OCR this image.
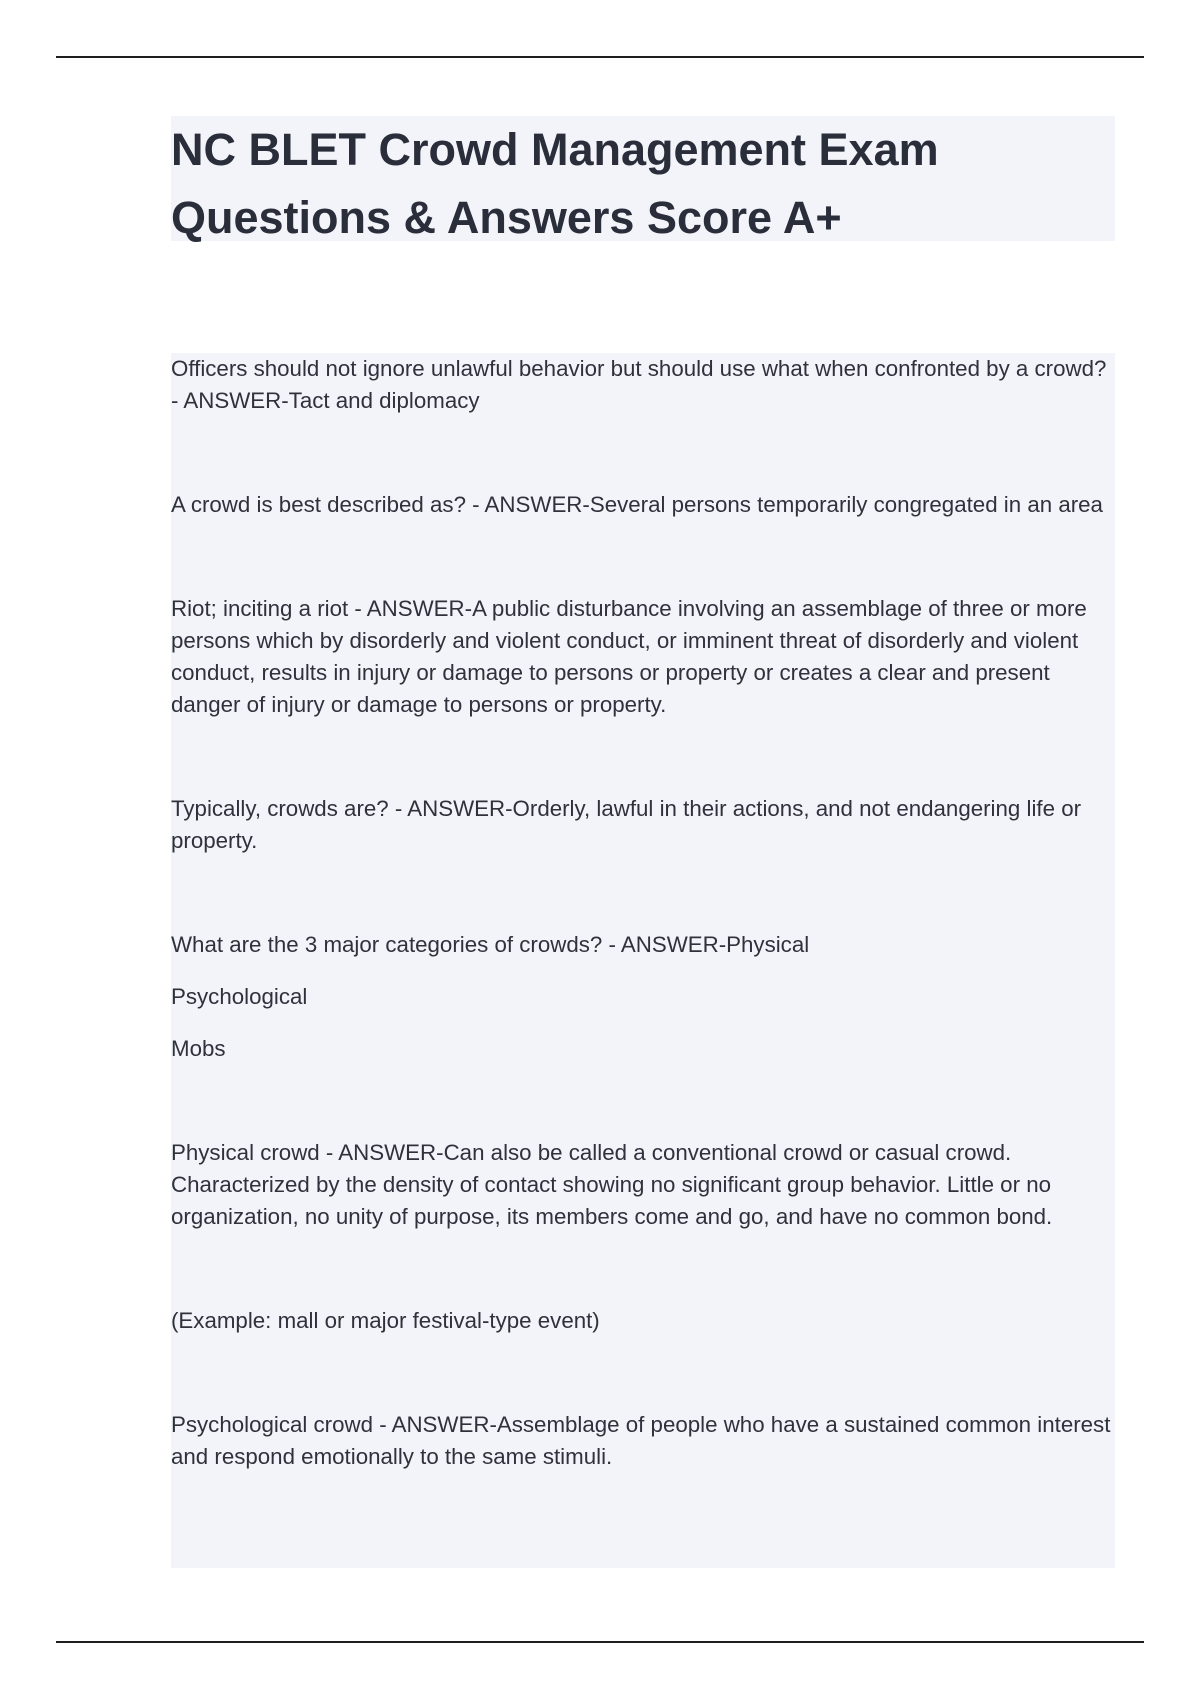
NC BLET Crowd Management Exam
Questions & Answers Score A+

Officers should not ignore unlawful behavior but should use what when confronted by a crowd? - ANSWER-Tact and diplomacy

A crowd is best described as? - ANSWER-Several persons temporarily congregated in an area

Riot; inciting a riot - ANSWER-A public disturbance involving an assemblage of three or more persons which by disorderly and violent conduct, or imminent threat of disorderly and violent conduct, results in injury or damage to persons or property or creates a clear and present danger of injury or damage to persons or property.

Typically, crowds are? - ANSWER-Orderly, lawful in their actions, and not endangering life or property.

What are the 3 major categories of crowds? - ANSWER-Physical

Psychological

Mobs

Physical crowd - ANSWER-Can also be called a conventional crowd or casual crowd. Characterized by the density of contact showing no significant group behavior. Little or no organization, no unity of purpose, its members come and go, and have no common bond.

(Example: mall or major festival-type event)

Psychological crowd - ANSWER-Assemblage of people who have a sustained common interest and respond emotionally to the same stimuli.
